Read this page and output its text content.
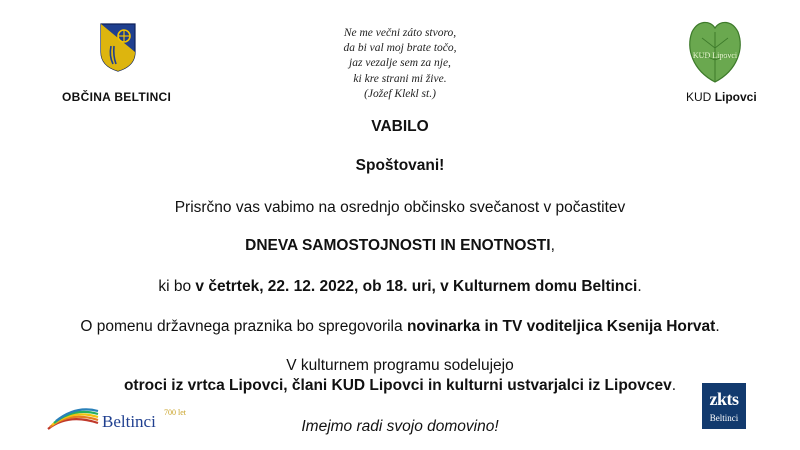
OBČINA BELTINCI
Ne me večni záto stvoro,
da bi val moj brate točo,
jaz vezalje sem za nje,
ki kre strani mi žive.
(Jožef Klekl st.)
KUD Lipovci
KUD Lipovci
VABILO
Spoštovani!
Prisrčno vas vabimo na osrednjo občinsko svečanost v počastitev
DNEVA SAMOSTOJNOSTI IN ENOTNOSTI,
ki bo v četrtek, 22. 12. 2022, ob 18. uri, v Kulturnem domu Beltinci.
O pomenu državnega praznika bo spregovorila novinarka in TV voditeljica Ksenija Horvat.
V kulturnem programu sodelujejo
otroci iz vrtca Lipovci, člani KUD Lipovci in kulturni ustvarjalci iz Lipovcev.
Imejmo radi svojo domovino!
Beltinci 700 let
zkts
Beltinci
